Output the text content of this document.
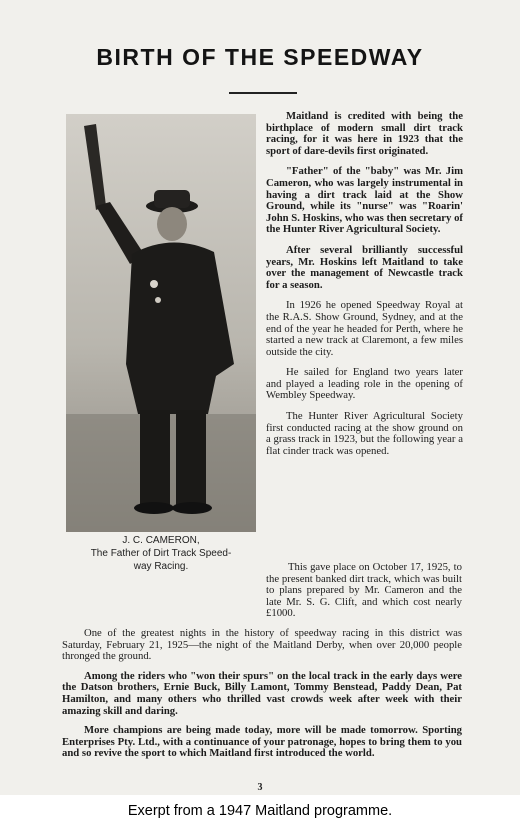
BIRTH OF THE SPEEDWAY
J. C. CAMERON,
The Father of Dirt Track Speed-
way Racing.

Maitland is credited with being the birthplace of modern small dirt track racing, for it was here in 1923 that the sport of dare-devils first originated.

"Father" of the "baby" was Mr. Jim Cameron, who was largely instrumental in having a dirt track laid at the Show Ground, while its "nurse" was "Roarin' John S. Hoskins, who was then secretary of the Hunter River Agricultural Society.

After several brilliantly successful years, Mr. Hoskins left Maitland to take over the management of Newcastle track for a season.

In 1926 he opened Speedway Royal at the R.A.S. Show Ground, Sydney, and at the end of the year he headed for Perth, where he started a new track at Claremont, a few miles outside the city.

He sailed for England two years later and played a leading role in the opening of Wembley Speedway.

The Hunter River Agricultural Society first conducted racing at the show ground on a grass track in 1923, but the following year a flat cinder track was opened.

This gave place on October 17, 1925, to the present banked dirt track, which was built to plans prepared by Mr. Cameron and the late Mr. S. G. Clift, and which cost nearly £1000.

One of the greatest nights in the history of speedway racing in this district was Saturday, February 21, 1925—the night of the Maitland Derby, when over 20,000 people thronged the ground.

Among the riders who "won their spurs" on the local track in the early days were the Datson brothers, Ernie Buck, Billy Lamont, Tommy Benstead, Paddy Dean, Pat Hamilton, and many others who thrilled vast crowds week after week with their amazing skill and daring.

More champions are being made today, more will be made tomorrow. Sporting Enterprises Pty. Ltd., with a continuance of your patronage, hopes to bring them to you and so revive the sport to which Maitland first introduced the world.

3
Exerpt from a 1947 Maitland programme.
